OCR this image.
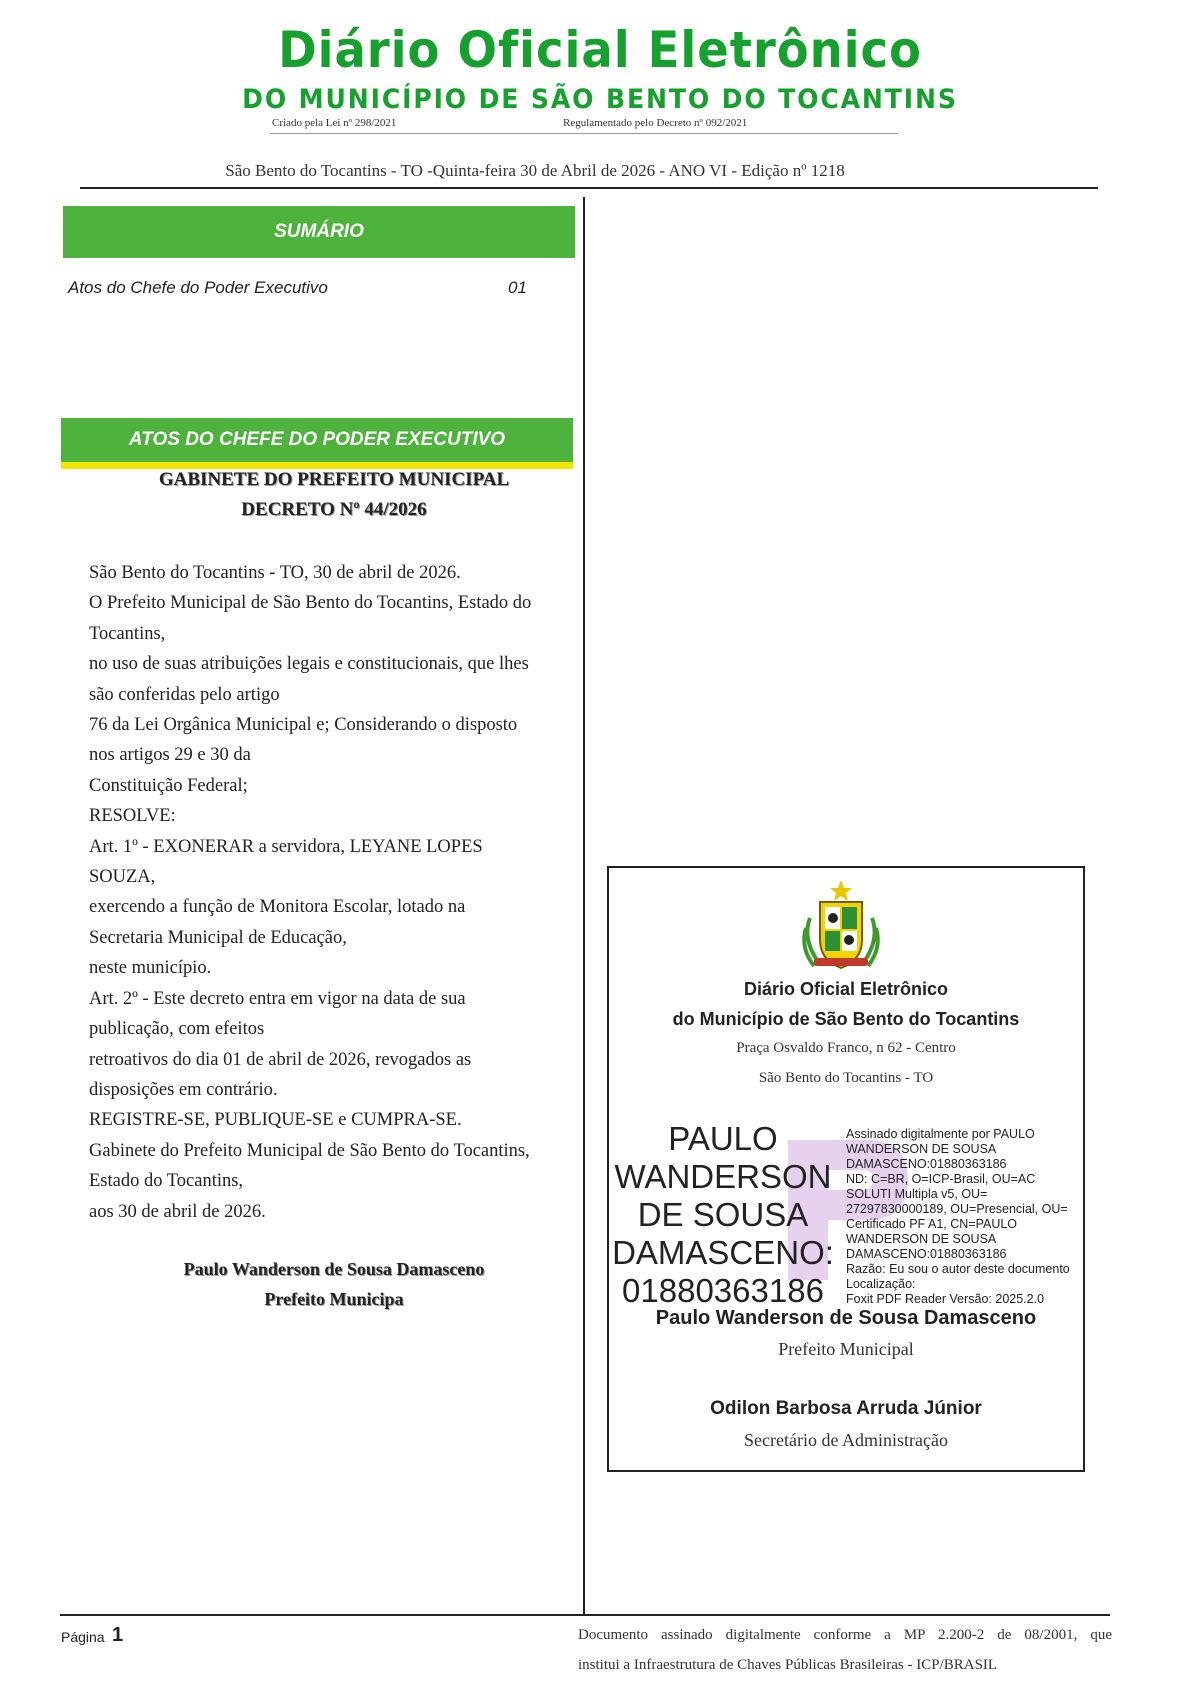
Diário Oficial Eletrônico
DO MUNICÍPIO DE SÃO BENTO DO TOCANTINS
Criado pela Lei nº 298/2021	Regulamentado pelo Decreto nº 092/2021
São Bento do Tocantins - TO -Quinta-feira 30 de Abril de 2026 - ANO VI - Edição nº 1218
SUMÁRIO
Atos do Chefe do Poder Executivo	01
ATOS DO CHEFE DO PODER EXECUTIVO
GABINETE DO PREFEITO MUNICIPAL
DECRETO Nº 44/2026
São Bento do Tocantins - TO, 30 de abril de 2026.
O Prefeito Municipal de São Bento do Tocantins, Estado do
Tocantins,
no uso de suas atribuições legais e constitucionais, que lhes
são conferidas pelo artigo
76 da Lei Orgânica Municipal e; Considerando o disposto
nos artigos 29 e 30 da
Constituição Federal;
RESOLVE:
Art. 1º - EXONERAR a servidora, LEYANE LOPES
SOUZA,
exercendo a função de Monitora Escolar, lotado na
Secretaria Municipal de Educação,
neste município.
Art. 2º - Este decreto entra em vigor na data de sua
publicação, com efeitos
retroativos do dia 01 de abril de 2026, revogados as
disposições em contrário.
REGISTRE-SE, PUBLIQUE-SE e CUMPRA-SE.
Gabinete do Prefeito Municipal de São Bento do Tocantins,
Estado do Tocantins,
aos 30 de abril de 2026.
Paulo Wanderson de Sousa Damasceno
Prefeito Municipa
Diário Oficial Eletrônico
do Município de São Bento do Tocantins
Praça Osvaldo Franco, n 62 - Centro
São Bento do Tocantins - TO
PAULO
WANDERSON
DE SOUSA
DAMASCENO:
01880363186
Assinado digitalmente por PAULO
WANDERSON DE SOUSA
DAMASCENO:01880363186
ND: C=BR, O=ICP-Brasil, OU=AC
SOLUTI Multipla v5, OU=
27297830000189, OU=Presencial, OU=
Certificado PF A1, CN=PAULO
WANDERSON DE SOUSA
DAMASCENO:01880363186
Razão: Eu sou o autor deste documento
Localização:
Foxit PDF Reader Versão: 2025.2.0
Paulo Wanderson de Sousa Damasceno
Prefeito Municipal
Odilon Barbosa Arruda Júnior
Secretário de Administração
Página 1	Documento assinado digitalmente conforme a MP 2.200-2 de 08/2001, que
institui a Infraestrutura de Chaves Públicas Brasileiras - ICP/BRASIL
